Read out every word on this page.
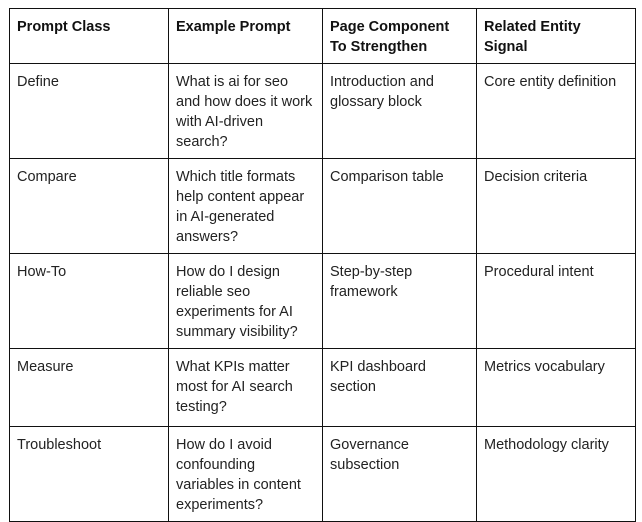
Prompt Class	Example Prompt	Page Component To Strengthen	Related Entity Signal
Define	What is ai for seo and how does it work with AI-driven search?	Introduction and glossary block	Core entity definition
Compare	Which title formats help content appear in AI-generated answers?	Comparison table	Decision criteria
How-To	How do I design reliable seo experiments for AI summary visibility?	Step-by-step framework	Procedural intent
Measure	What KPIs matter most for AI search testing?	KPI dashboard section	Metrics vocabulary
Troubleshoot	How do I avoid confounding variables in content experiments?	Governance subsection	Methodology clarity
